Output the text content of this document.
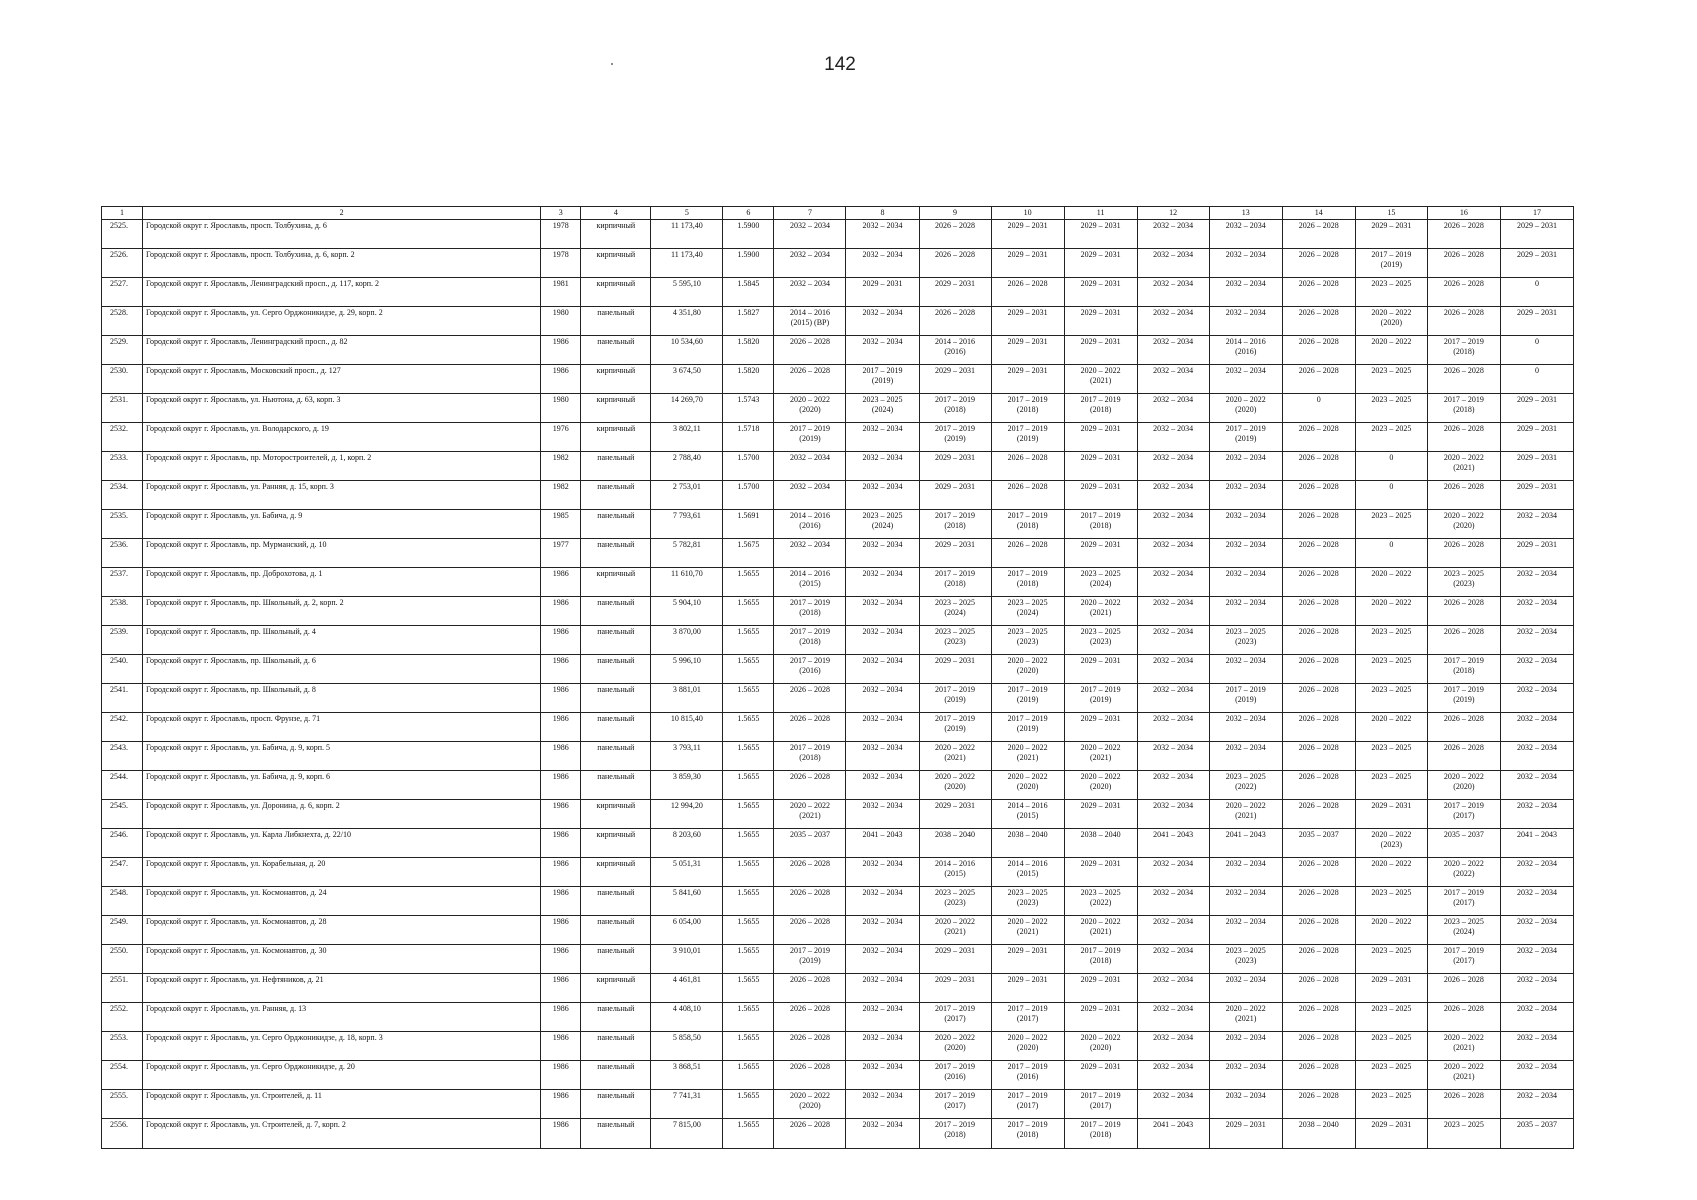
142
1	2	3	4	5	6	7	8	9	10	11	12	13	14	15	16	17
2525.	Городской округ г. Ярославль, просп. Толбухина, д. 6	1978	кирпичный	11 173,40	1.5900	2032 – 2034	2032 – 2034	2026 – 2028	2029 – 2031	2029 – 2031	2032 – 2034	2032 – 2034	2026 – 2028	2029 – 2031	2026 – 2028	2029 – 2031
2526.	Городской округ г. Ярославль, просп. Толбухина, д. 6, корп. 2	1978	кирпичный	11 173,40	1.5900	2032 – 2034	2032 – 2034	2026 – 2028	2029 – 2031	2029 – 2031	2032 – 2034	2032 – 2034	2026 – 2028	2017 – 2019
(2019)	2026 – 2028	2029 – 2031
2527.	Городской округ г. Ярославль, Ленинградский просп., д. 117, корп. 2	1981	кирпичный	5 595,10	1.5845	2032 – 2034	2029 – 2031	2029 – 2031	2026 – 2028	2029 – 2031	2032 – 2034	2032 – 2034	2026 – 2028	2023 – 2025	2026 – 2028	0
2528.	Городской округ г. Ярославль, ул. Серго Орджоникидзе, д. 29, корп. 2	1980	панельный	4 351,80	1.5827	2014 – 2016
(2015) (ВР)	2032 – 2034	2026 – 2028	2029 – 2031	2029 – 2031	2032 – 2034	2032 – 2034	2026 – 2028	2020 – 2022
(2020)	2026 – 2028	2029 – 2031
2529.	Городской округ г. Ярославль, Ленинградский просп., д. 82	1986	панельный	10 534,60	1.5820	2026 – 2028	2032 – 2034	2014 – 2016
(2016)	2029 – 2031	2029 – 2031	2032 – 2034	2014 – 2016
(2016)	2026 – 2028	2020 – 2022	2017 – 2019
(2018)	0
2530.	Городской округ г. Ярославль, Московский просп., д. 127	1986	кирпичный	3 674,50	1.5820	2026 – 2028	2017 – 2019
(2019)	2029 – 2031	2029 – 2031	2020 – 2022
(2021)	2032 – 2034	2032 – 2034	2026 – 2028	2023 – 2025	2026 – 2028	0
2531.	Городской округ г. Ярославль, ул. Ньютона, д. 63, корп. 3	1980	кирпичный	14 269,70	1.5743	2020 – 2022
(2020)	2023 – 2025
(2024)	2017 – 2019
(2018)	2017 – 2019
(2018)	2017 – 2019
(2018)	2032 – 2034	2020 – 2022
(2020)	0	2023 – 2025	2017 – 2019
(2018)	2029 – 2031
2532.	Городской округ г. Ярославль, ул. Володарского, д. 19	1976	кирпичный	3 802,11	1.5718	2017 – 2019
(2019)	2032 – 2034	2017 – 2019
(2019)	2017 – 2019
(2019)	2029 – 2031	2032 – 2034	2017 – 2019
(2019)	2026 – 2028	2023 – 2025	2026 – 2028	2029 – 2031
2533.	Городской округ г. Ярославль, пр. Моторостроителей, д. 1, корп. 2	1982	панельный	2 788,40	1.5700	2032 – 2034	2032 – 2034	2029 – 2031	2026 – 2028	2029 – 2031	2032 – 2034	2032 – 2034	2026 – 2028	0	2020 – 2022
(2021)	2029 – 2031
2534.	Городской округ г. Ярославль, ул. Ранняя, д. 15, корп. 3	1982	панельный	2 753,01	1.5700	2032 – 2034	2032 – 2034	2029 – 2031	2026 – 2028	2029 – 2031	2032 – 2034	2032 – 2034	2026 – 2028	0	2026 – 2028	2029 – 2031
2535.	Городской округ г. Ярославль, ул. Бабича, д. 9	1985	панельный	7 793,61	1.5691	2014 – 2016
(2016)	2023 – 2025
(2024)	2017 – 2019
(2018)	2017 – 2019
(2018)	2017 – 2019
(2018)	2032 – 2034	2032 – 2034	2026 – 2028	2023 – 2025	2020 – 2022
(2020)	2032 – 2034
2536.	Городской округ г. Ярославль, пр. Мурманский, д. 10	1977	панельный	5 782,81	1.5675	2032 – 2034	2032 – 2034	2029 – 2031	2026 – 2028	2029 – 2031	2032 – 2034	2032 – 2034	2026 – 2028	0	2026 – 2028	2029 – 2031
2537.	Городской округ г. Ярославль, пр. Доброхотова, д. 1	1986	кирпичный	11 610,70	1.5655	2014 – 2016
(2015)	2032 – 2034	2017 – 2019
(2018)	2017 – 2019
(2018)	2023 – 2025
(2024)	2032 – 2034	2032 – 2034	2026 – 2028	2020 – 2022	2023 – 2025
(2023)	2032 – 2034
2538.	Городской округ г. Ярославль, пр. Школьный, д. 2, корп. 2	1986	панельный	5 904,10	1.5655	2017 – 2019
(2018)	2032 – 2034	2023 – 2025
(2024)	2023 – 2025
(2024)	2020 – 2022
(2021)	2032 – 2034	2032 – 2034	2026 – 2028	2020 – 2022	2026 – 2028	2032 – 2034
2539.	Городской округ г. Ярославль, пр. Школьный, д. 4	1986	панельный	3 870,00	1.5655	2017 – 2019
(2018)	2032 – 2034	2023 – 2025
(2023)	2023 – 2025
(2023)	2023 – 2025
(2023)	2032 – 2034	2023 – 2025
(2023)	2026 – 2028	2023 – 2025	2026 – 2028	2032 – 2034
2540.	Городской округ г. Ярославль, пр. Школьный, д. 6	1986	панельный	5 996,10	1.5655	2017 – 2019
(2016)	2032 – 2034	2029 – 2031	2020 – 2022
(2020)	2029 – 2031	2032 – 2034	2032 – 2034	2026 – 2028	2023 – 2025	2017 – 2019
(2018)	2032 – 2034
2541.	Городской округ г. Ярославль, пр. Школьный, д. 8	1986	панельный	3 881,01	1.5655	2026 – 2028	2032 – 2034	2017 – 2019
(2019)	2017 – 2019
(2019)	2017 – 2019
(2019)	2032 – 2034	2017 – 2019
(2019)	2026 – 2028	2023 – 2025	2017 – 2019
(2019)	2032 – 2034
2542.	Городской округ г. Ярославль, просп. Фрунзе, д. 71	1986	панельный	10 815,40	1.5655	2026 – 2028	2032 – 2034	2017 – 2019
(2019)	2017 – 2019
(2019)	2029 – 2031	2032 – 2034	2032 – 2034	2026 – 2028	2020 – 2022	2026 – 2028	2032 – 2034
2543.	Городской округ г. Ярославль, ул. Бабича, д. 9, корп. 5	1986	панельный	3 793,11	1.5655	2017 – 2019
(2018)	2032 – 2034	2020 – 2022
(2021)	2020 – 2022
(2021)	2020 – 2022
(2021)	2032 – 2034	2032 – 2034	2026 – 2028	2023 – 2025	2026 – 2028	2032 – 2034
2544.	Городской округ г. Ярославль, ул. Бабича, д. 9, корп. 6	1986	панельный	3 859,30	1.5655	2026 – 2028	2032 – 2034	2020 – 2022
(2020)	2020 – 2022
(2020)	2020 – 2022
(2020)	2032 – 2034	2023 – 2025
(2022)	2026 – 2028	2023 – 2025	2020 – 2022
(2020)	2032 – 2034
2545.	Городской округ г. Ярославль, ул. Доронина, д. 6, корп. 2	1986	кирпичный	12 994,20	1.5655	2020 – 2022
(2021)	2032 – 2034	2029 – 2031	2014 – 2016
(2015)	2029 – 2031	2032 – 2034	2020 – 2022
(2021)	2026 – 2028	2029 – 2031	2017 – 2019
(2017)	2032 – 2034
2546.	Городской округ г. Ярославль, ул. Карла Либкнехта, д. 22/10	1986	кирпичный	8 203,60	1.5655	2035 – 2037	2041 – 2043	2038 – 2040	2038 – 2040	2038 – 2040	2041 – 2043	2041 – 2043	2035 – 2037	2020 – 2022
(2023)	2035 – 2037	2041 – 2043
2547.	Городской округ г. Ярославль, ул. Корабельная, д. 20	1986	кирпичный	5 051,31	1.5655	2026 – 2028	2032 – 2034	2014 – 2016
(2015)	2014 – 2016
(2015)	2029 – 2031	2032 – 2034	2032 – 2034	2026 – 2028	2020 – 2022	2020 – 2022
(2022)	2032 – 2034
2548.	Городской округ г. Ярославль, ул. Космонавтов, д. 24	1986	панельный	5 841,60	1.5655	2026 – 2028	2032 – 2034	2023 – 2025
(2023)	2023 – 2025
(2023)	2023 – 2025
(2022)	2032 – 2034	2032 – 2034	2026 – 2028	2023 – 2025	2017 – 2019
(2017)	2032 – 2034
2549.	Городской округ г. Ярославль, ул. Космонавтов, д. 28	1986	панельный	6 054,00	1.5655	2026 – 2028	2032 – 2034	2020 – 2022
(2021)	2020 – 2022
(2021)	2020 – 2022
(2021)	2032 – 2034	2032 – 2034	2026 – 2028	2020 – 2022	2023 – 2025
(2024)	2032 – 2034
2550.	Городской округ г. Ярославль, ул. Космонавтов, д. 30	1986	панельный	3 910,01	1.5655	2017 – 2019
(2019)	2032 – 2034	2029 – 2031	2029 – 2031	2017 – 2019
(2018)	2032 – 2034	2023 – 2025
(2023)	2026 – 2028	2023 – 2025	2017 – 2019
(2017)	2032 – 2034
2551.	Городской округ г. Ярославль, ул. Нефтяников, д. 21	1986	кирпичный	4 461,81	1.5655	2026 – 2028	2032 – 2034	2029 – 2031	2029 – 2031	2029 – 2031	2032 – 2034	2032 – 2034	2026 – 2028	2029 – 2031	2026 – 2028	2032 – 2034
2552.	Городской округ г. Ярославль, ул. Ранняя, д. 13	1986	панельный	4 408,10	1.5655	2026 – 2028	2032 – 2034	2017 – 2019
(2017)	2017 – 2019
(2017)	2029 – 2031	2032 – 2034	2020 – 2022
(2021)	2026 – 2028	2023 – 2025	2026 – 2028	2032 – 2034
2553.	Городской округ г. Ярославль, ул. Серго Орджоникидзе, д. 18, корп. 3	1986	панельный	5 858,50	1.5655	2026 – 2028	2032 – 2034	2020 – 2022
(2020)	2020 – 2022
(2020)	2020 – 2022
(2020)	2032 – 2034	2032 – 2034	2026 – 2028	2023 – 2025	2020 – 2022
(2021)	2032 – 2034
2554.	Городской округ г. Ярославль, ул. Серго Орджоникидзе, д. 20	1986	панельный	3 868,51	1.5655	2026 – 2028	2032 – 2034	2017 – 2019
(2016)	2017 – 2019
(2016)	2029 – 2031	2032 – 2034	2032 – 2034	2026 – 2028	2023 – 2025	2020 – 2022
(2021)	2032 – 2034
2555.	Городской округ г. Ярославль, ул. Строителей, д. 11	1986	панельный	7 741,31	1.5655	2020 – 2022
(2020)	2032 – 2034	2017 – 2019
(2017)	2017 – 2019
(2017)	2017 – 2019
(2017)	2032 – 2034	2032 – 2034	2026 – 2028	2023 – 2025	2026 – 2028	2032 – 2034
2556.	Городской округ г. Ярославль, ул. Строителей, д. 7, корп. 2	1986	панельный	7 815,00	1.5655	2026 – 2028	2032 – 2034	2017 – 2019
(2018)	2017 – 2019
(2018)	2017 – 2019
(2018)	2041 – 2043	2029 – 2031	2038 – 2040	2029 – 2031	2023 – 2025	2035 – 2037
